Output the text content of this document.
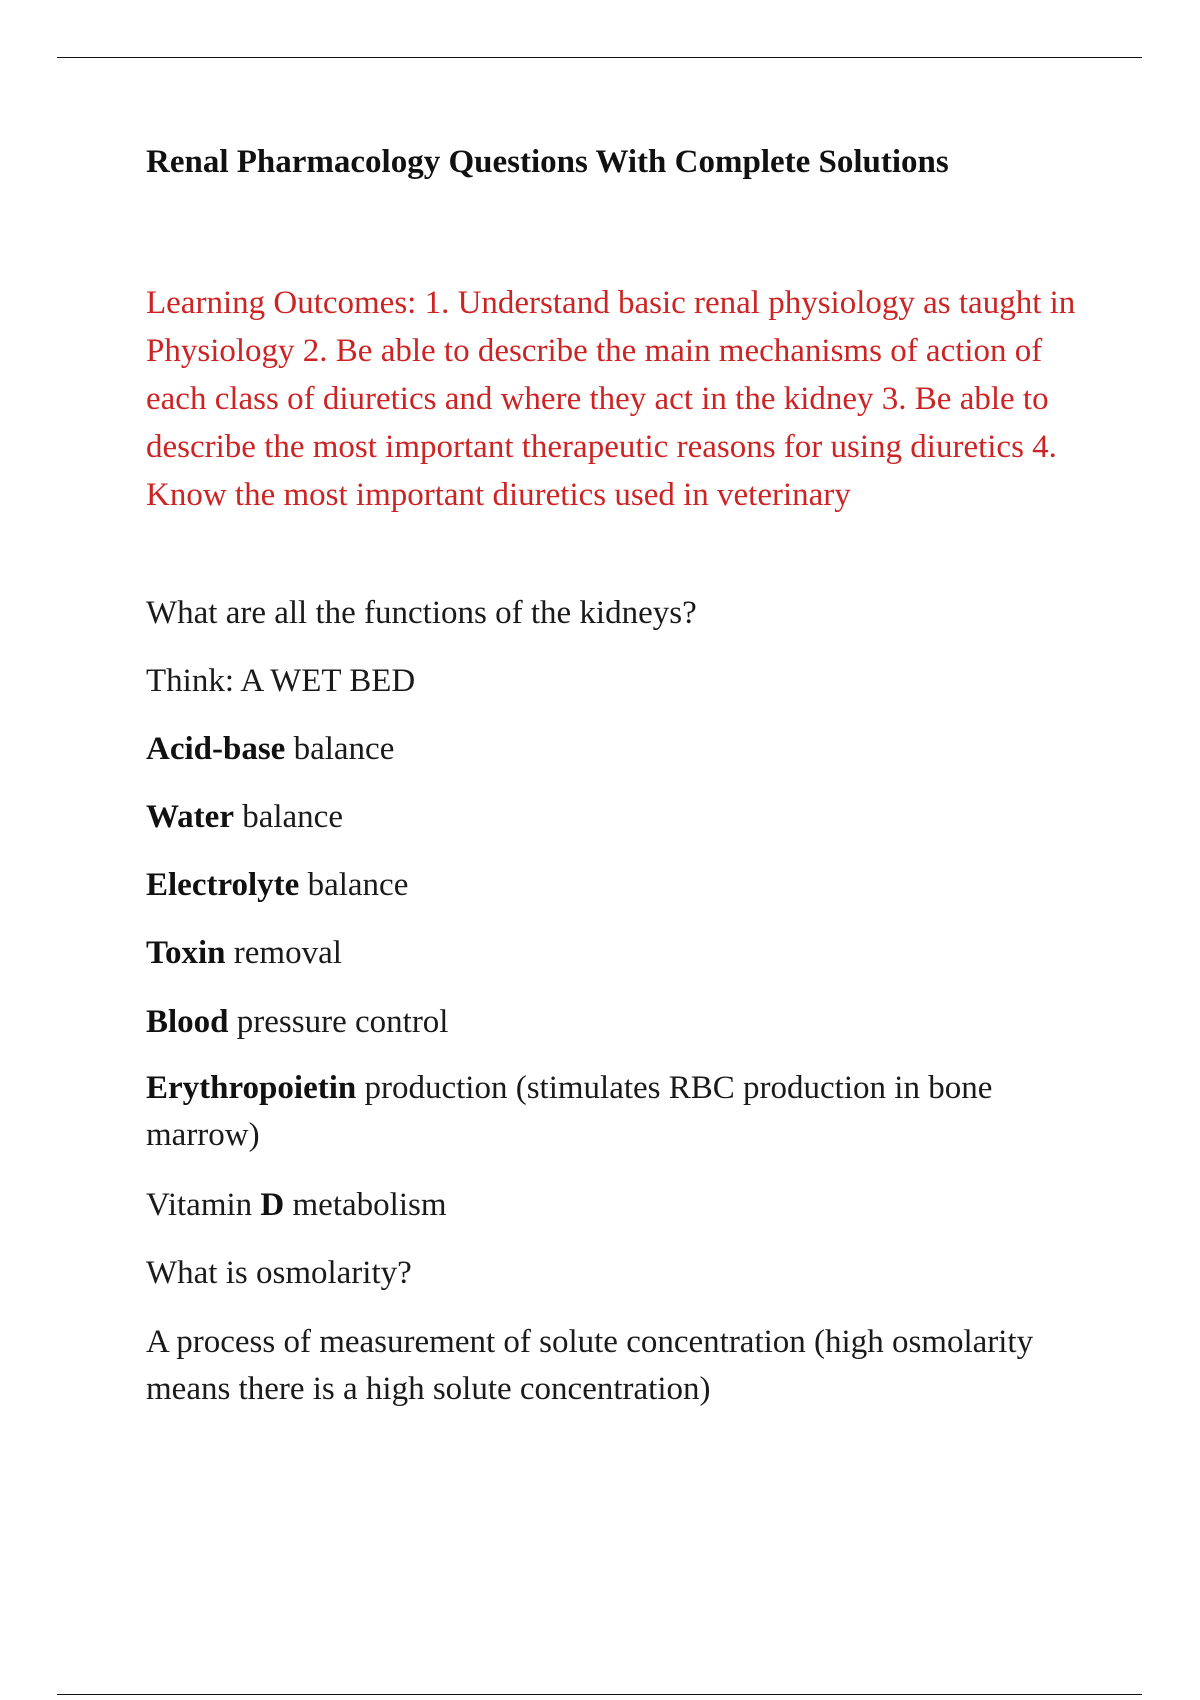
Renal Pharmacology Questions With Complete Solutions

Learning Outcomes: 1. Understand basic renal physiology as taught in Physiology 2. Be able to describe the main mechanisms of action of each class of diuretics and where they act in the kidney 3. Be able to describe the most important therapeutic reasons for using diuretics 4. Know the most important diuretics used in veterinary

What are all the functions of the kidneys?

Think: A WET BED

Acid-base balance

Water balance

Electrolyte balance

Toxin removal

Blood pressure control

Erythropoietin production (stimulates RBC production in bone marrow)

Vitamin D metabolism

What is osmolarity?

A process of measurement of solute concentration (high osmolarity means there is a high solute concentration)
